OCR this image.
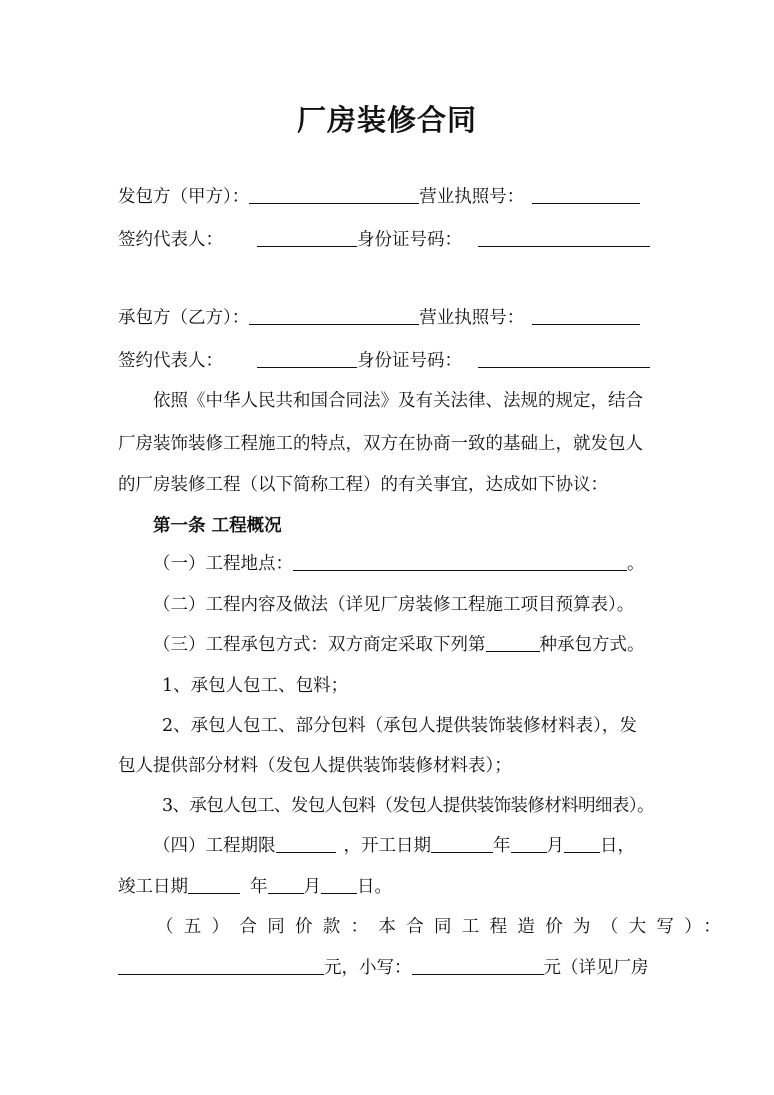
厂房装修合同
发包方（甲方）：	营业执照号：
签约代表人：	身份证号码：
承包方（乙方）：	营业执照号：
签约代表人：	身份证号码：
依照《中华人民共和国合同法》及有关法律、法规的规定，结合
厂房装饰装修工程施工的特点，双方在协商一致的基础上，就发包人
的厂房装修工程（以下简称工程）的有关事宜，达成如下协议：
第一条 工程概况
（一）工程地点：	。
（二）工程内容及做法（详见厂房装修工程施工项目预算表）。
（三）工程承包方式：双方商定采取下列第	种承包方式。
1、承包人包工、包料；
2、承包人包工、部分包料（承包人提供装饰装修材料表），发
包人提供部分材料（发包人提供装饰装修材料表）；
3、承包人包工、发包人包料（发包人提供装饰装修材料明细表）。
（四）工程期限	，开工日期	年 月 日，
竣工日期	年 月 日。
（五）合同价款：本合同工程造价为（大写）：
元，小写：	元（详见厂房
